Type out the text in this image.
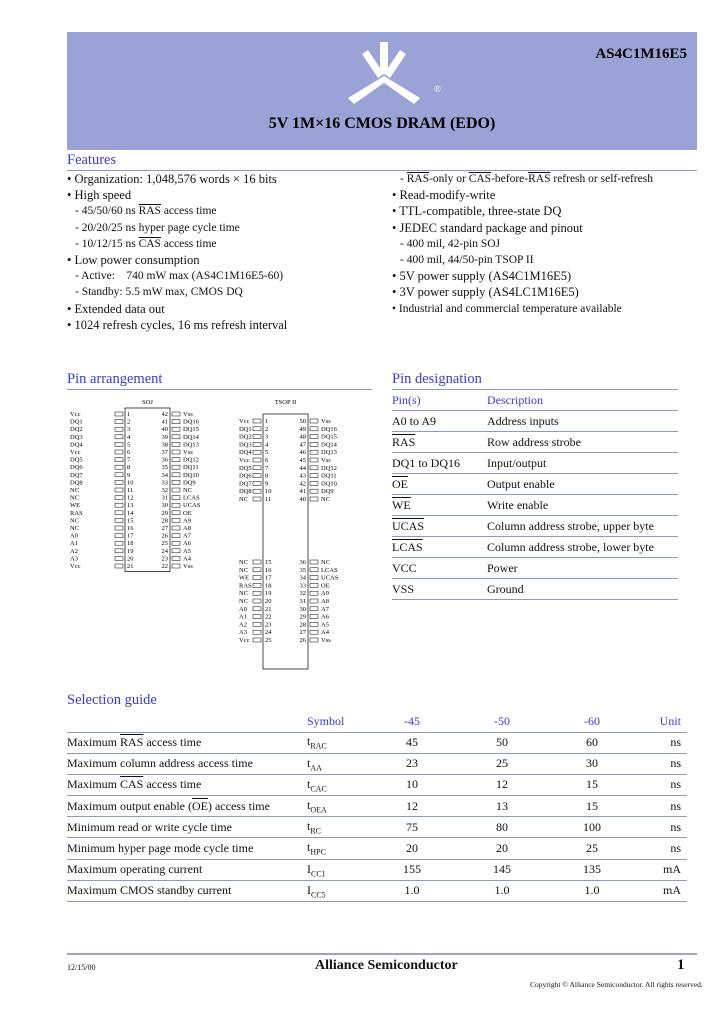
®
AS4C1M16E5
5V 1M×16 CMOS DRAM (EDO)
Features
• Organization: 1,048,576 words × 16 bits
• High speed
- 45/50/60 ns $\overline{RAS}$ access time
- 20/20/25 ns hyper page cycle time
- 10/12/15 ns $\overline{CAS}$ access time
• Low power consumption
- Active:    740 mW max (AS4C1M16E5-60)
- Standby: 5.5 mW max, CMOS DQ
• Extended data out
• 1024 refresh cycles, 16 ms refresh interval
- $\overline{RAS}$-only or $\overline{CAS}-before-\overline{RAS}$ refresh or self-refresh
• Read-modify-write
• TTL-compatible, three-state DQ
• JEDEC standard package and pinout
- 400 mil, 42-pin SOJ
- 400 mil, 44/50-pin TSOP II
• 5V power supply (AS4C1M16E5)
• 3V power supply (AS4LC1M16E5)
• Industrial and commercial temperature available
Pin arrangement
SOJ
Vcc	1
DQ1	2
DQ2	3
DQ3	4
DQ4	5
Vcc	6
DQ5	7
DQ6	8
DQ7	9
DQ8	10
NC	11
NC	12
WE	13
RAS	14
NC	15
NC	16
A0	17
A1	18
A2	19
A3	20
Vcc	21
42 Vss
41 DQ16
40 DQ15
39 DQ14
38 DQ13
37 Vss
36 DQ12
35 DQ11
34 DQ10
33 DQ9
32 NC
31 LCAS
30 UCAS
29 OE
28 A9
27 A8
26 A7
25 A6
24 A5
23 A4
22 Vss
TSOP II
Vcc 1
DQ1 2
DQ2 3
DQ3 4
DQ4 5
Vcc 6
DQ5 7
DQ6 8
DQ7 9
DQ8 10
NC	11
NC	15
NC	16
WE 17
RAS 18
NC	19
NC	20
A0	21
A1	22
A2	23
A3	24
Vcc 25
50 Vss
49 DQ16
48 DQ15
47 DQ14
46 DQ13
45 Vss
44 DQ12
43 DQ11
42 DQ10
41 DQ9
40 NC
36 NC
35 LCAS
34 UCAS
33 OE
32 A9
31 A8
30 A7
29 A6
28 A5
27 A4
26 Vss
Pin designation
Pin(s)	Description
A0 to A9	Address inputs
$\overline{RAS}$	Row address strobe
DQ1 to DQ16	Input/output
$\overline{OE}$	Output enable
$\overline{WE}$	Write enable
UCAS	Column address strobe, upper byte
LCAS	Column address strobe, lower byte
VCC	Power
VSS	Ground
Selection guide
	Symbol	-45	-50	-60	Unit
Maximum $\overline{RAS}$ access time	$t_{RAC}$	45	50	60	ns
Maximum column address access time	$t_{AA}$	23	25	30	ns
Maximum $\overline{CAS}$ access time	$t_{CAC}$	10	12	15	ns
Maximum output enable $(\overline{OE})$ access time	$t_{OEA}$	12	13	15	ns
Minimum read or write cycle time	$t_{RC}$	75	80	100	ns
Minimum hyper page mode cycle time	$t_{HPC}$	20	20	25	ns
Maximum operating current	$I_{CC1}$	155	145	135	mA
Maximum CMOS standby current	$I_{CC5}$	1.0	1.0	1.0	mA
12/15/00	Alliance Semiconductor	1
Copyright © Alliance Semiconductor. All rights reserved.
